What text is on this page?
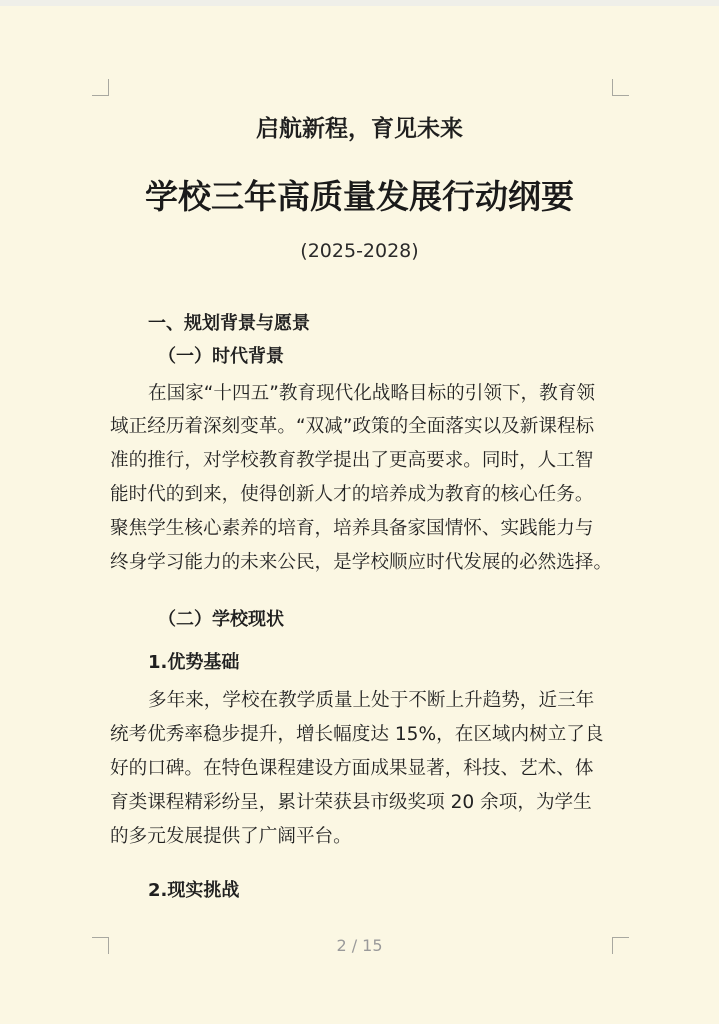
启航新程，育见未来
学校三年高质量发展行动纲要
(2025-2028)
一、规划背景与愿景
（一）时代背景
在国家“十四五”教育现代化战略目标的引领下，教育领
域正经历着深刻变革。“双减”政策的全面落实以及新课程标
准的推行，对学校教育教学提出了更高要求。同时，人工智
能时代的到来，使得创新人才的培养成为教育的核心任务。
聚焦学生核心素养的培育，培养具备家国情怀、实践能力与
终身学习能力的未来公民，是学校顺应时代发展的必然选择。
（二）学校现状
1.优势基础
多年来，学校在教学质量上处于不断上升趋势，近三年
统考优秀率稳步提升，增长幅度达 15%，在区域内树立了良
好的口碑。在特色课程建设方面成果显著，科技、艺术、体
育类课程精彩纷呈，累计荣获县市级奖项 20 余项，为学生
的多元发展提供了广阔平台。
2.现实挑战
2 / 15
